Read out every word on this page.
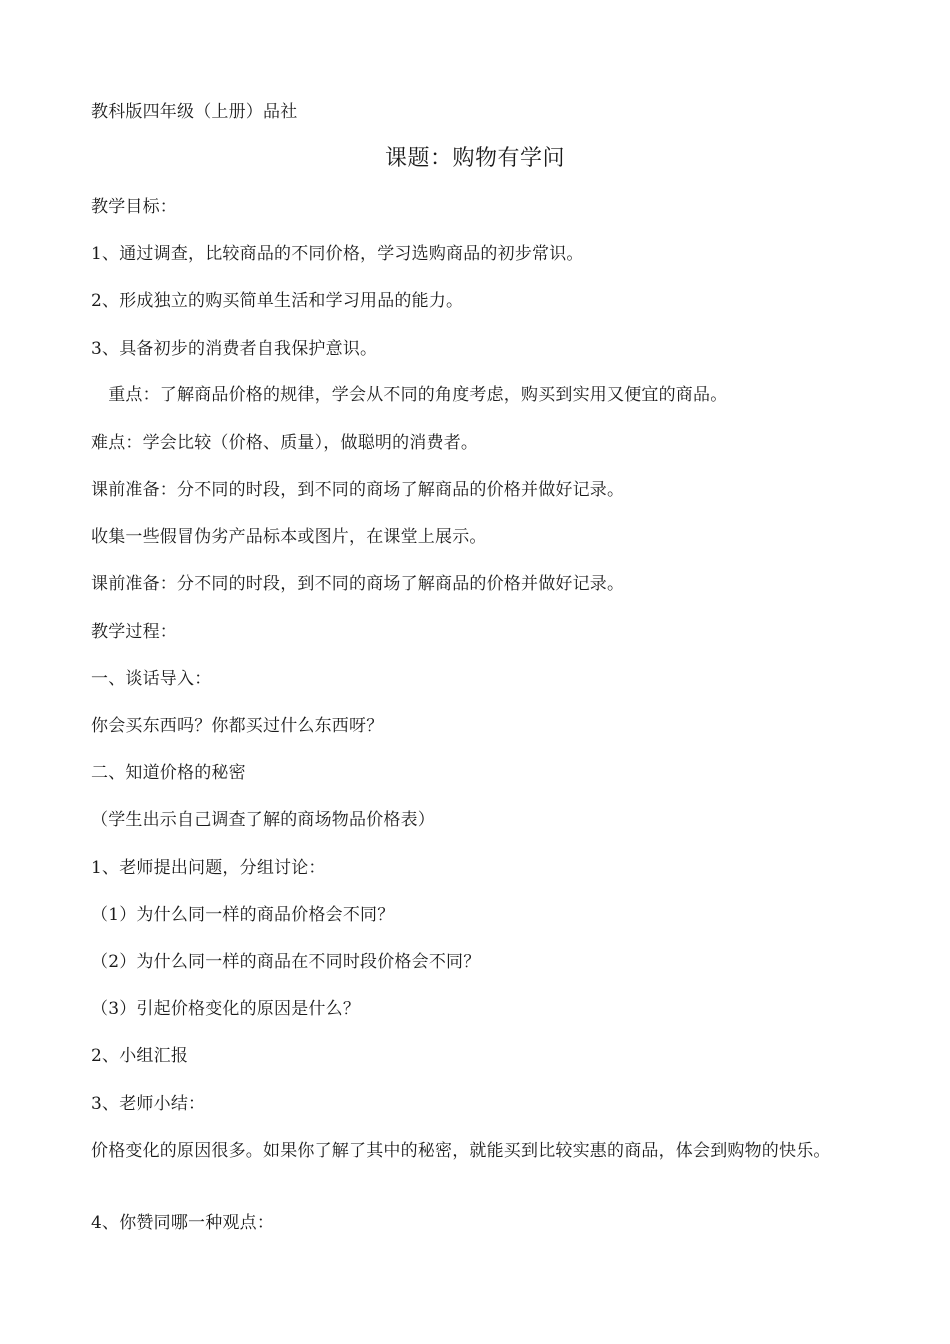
教科版四年级（上册）品社
课题：购物有学问
教学目标：
1、通过调查，比较商品的不同价格，学习选购商品的初步常识。
2、形成独立的购买简单生活和学习用品的能力。
3、具备初步的消费者自我保护意识。
　重点：了解商品价格的规律，学会从不同的角度考虑，购买到实用又便宜的商品。
难点：学会比较（价格、质量），做聪明的消费者。
课前准备：分不同的时段，到不同的商场了解商品的价格并做好记录。
收集一些假冒伪劣产品标本或图片，在课堂上展示。
课前准备：分不同的时段，到不同的商场了解商品的价格并做好记录。
教学过程：
一、谈话导入：
你会买东西吗？你都买过什么东西呀？
二、知道价格的秘密
（学生出示自己调查了解的商场物品价格表）
1、老师提出问题，分组讨论：
（1）为什么同一样的商品价格会不同？
（2）为什么同一样的商品在不同时段价格会不同？
（3）引起价格变化的原因是什么？
2、小组汇报
3、老师小结：
价格变化的原因很多。如果你了解了其中的秘密，就能买到比较实惠的商品，体会到购物的快乐。
4、你赞同哪一种观点：
